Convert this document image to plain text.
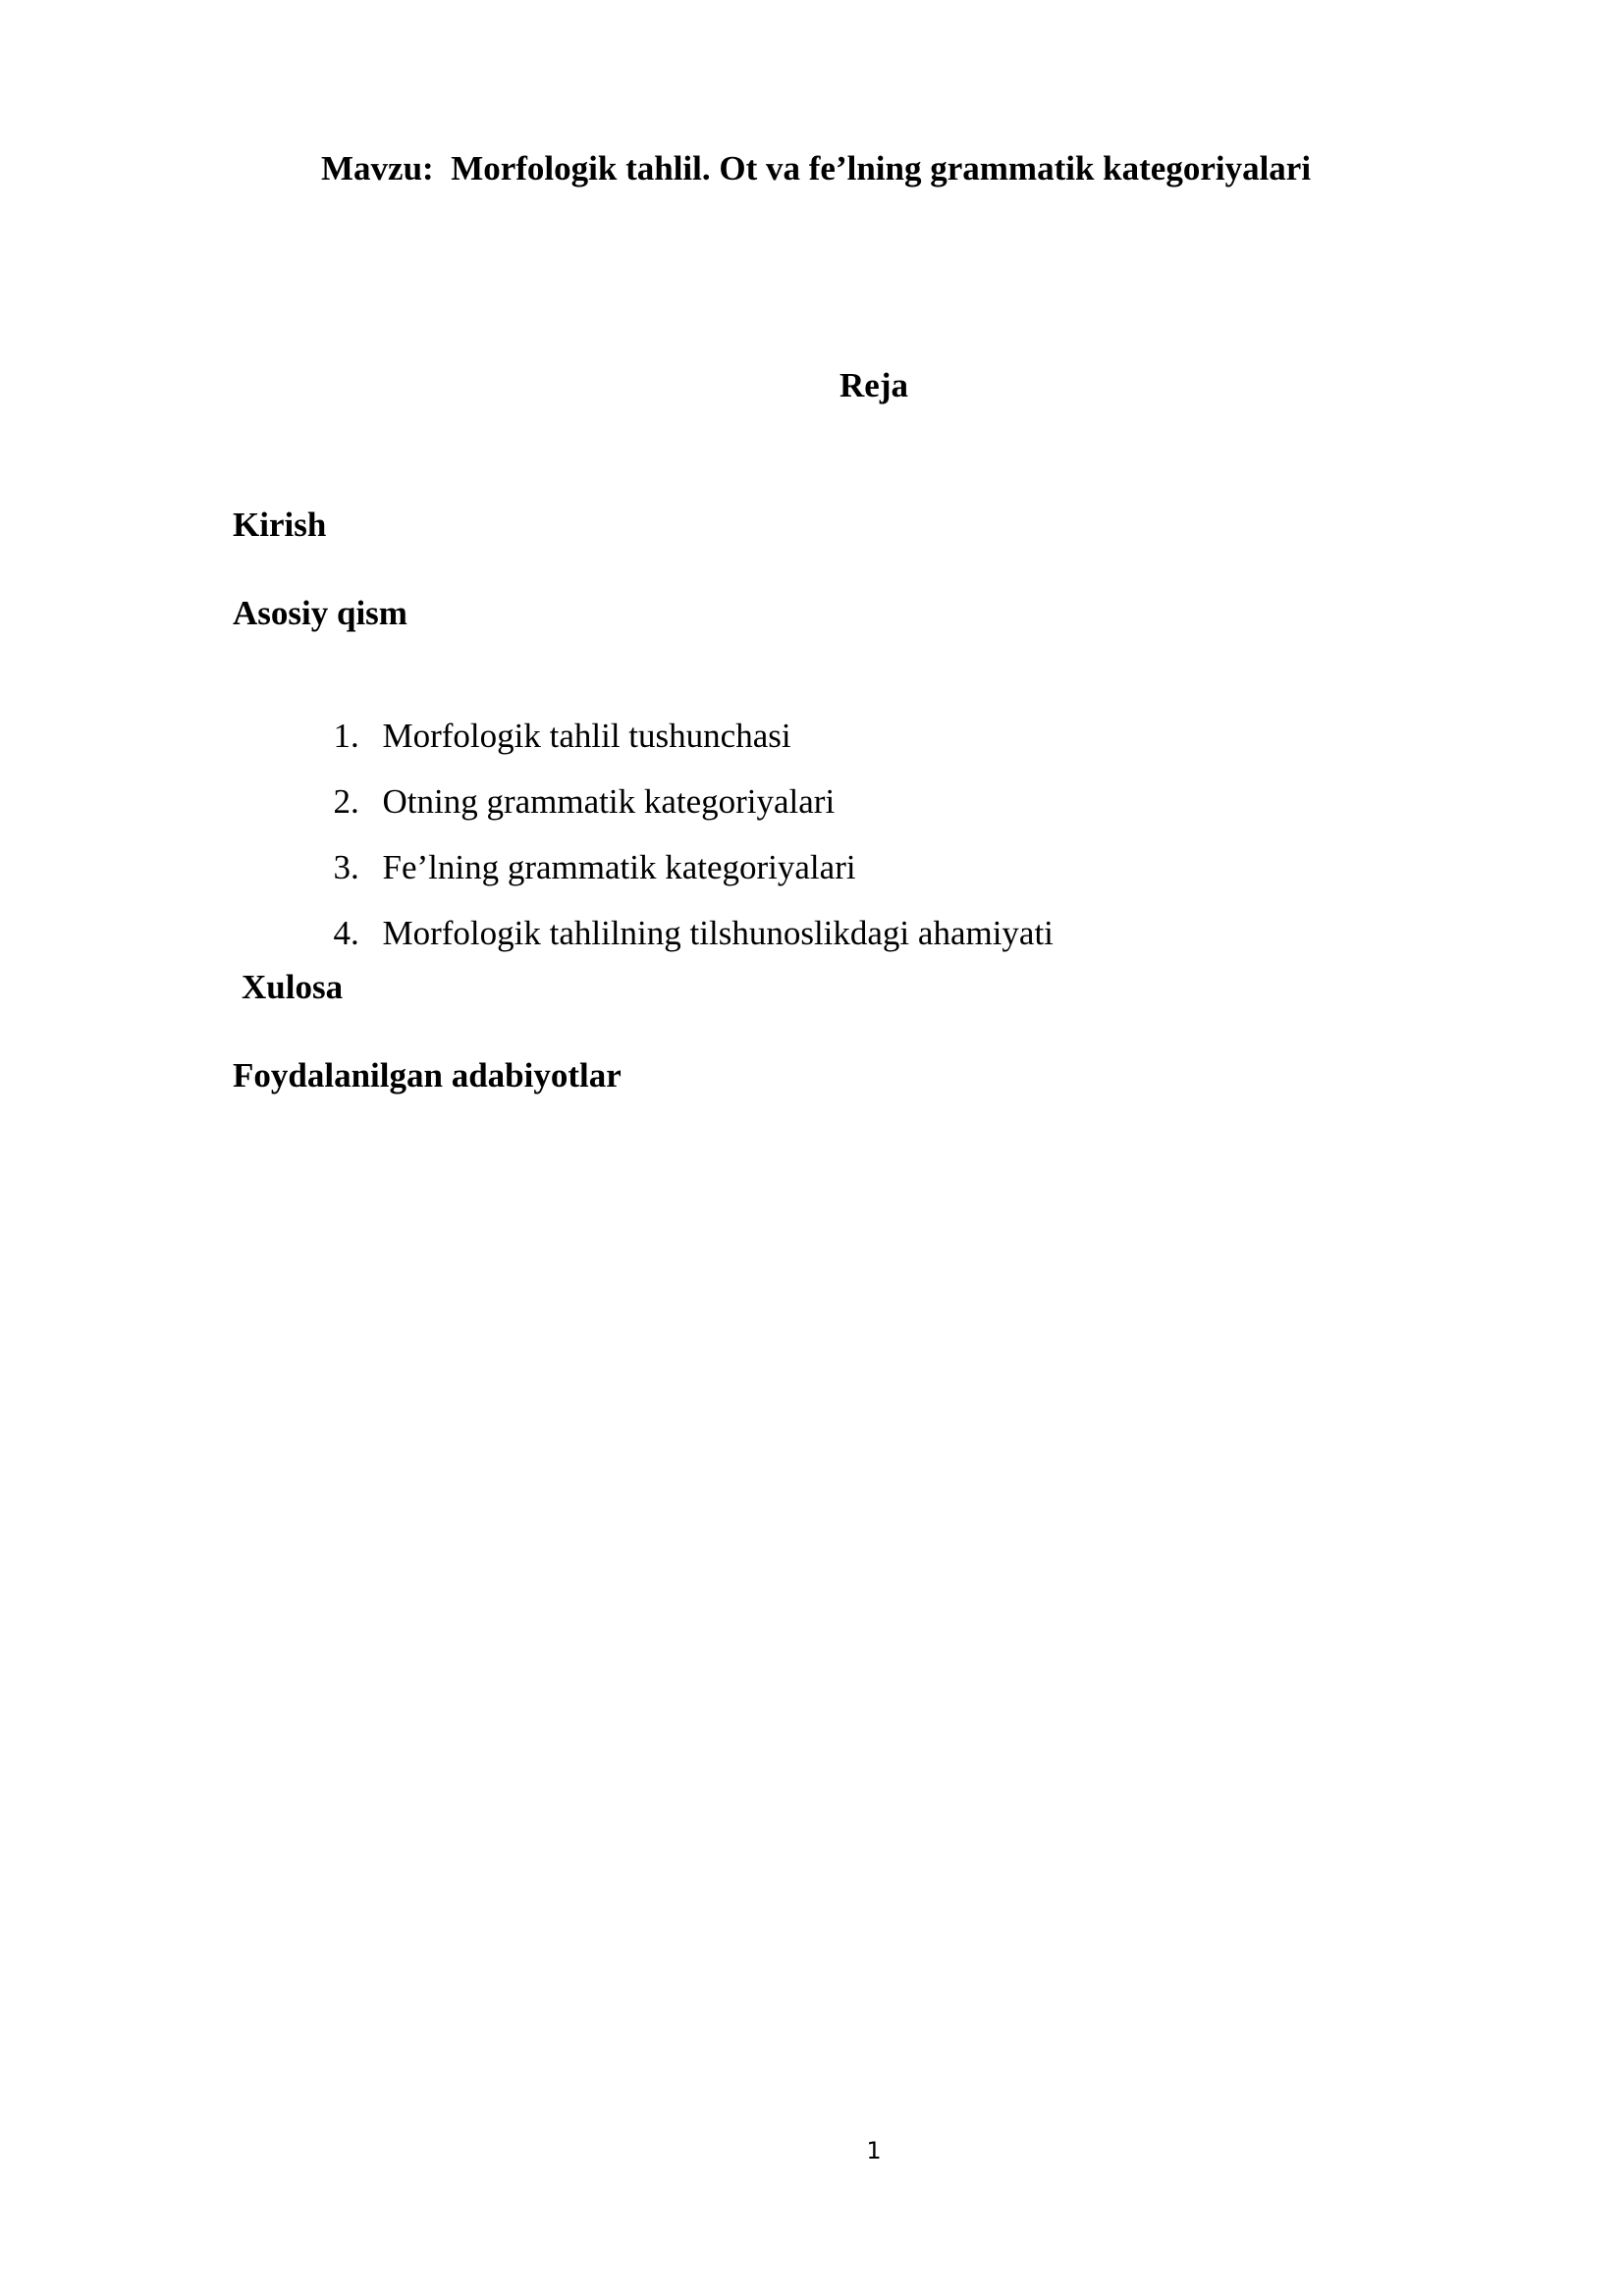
Mavzu:  Morfologik tahlil. Ot va fe’lning grammatik kategoriyalari
Reja
Kirish
Asosiy qism

1. Morfologik tahlil tushunchasi

2. Otning grammatik kategoriyalari

3. Fe’lning grammatik kategoriyalari

4. Morfologik tahlilning tilshunoslikdagi ahamiyati

Xulosa
Foydalanilgan adabiyotlar
1
